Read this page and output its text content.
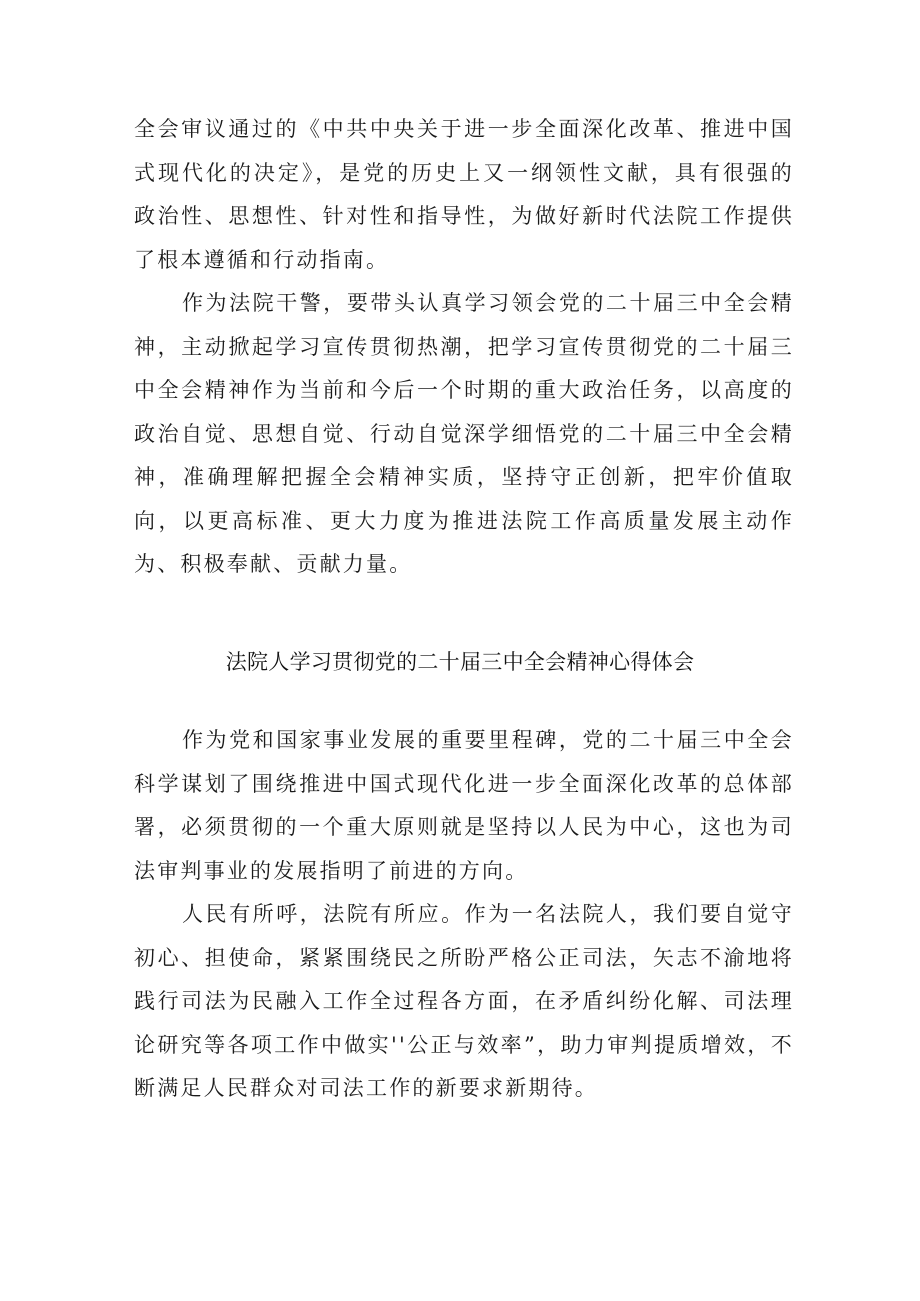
全会审议通过的《中共中央关于进一步全面深化改革、推进中国式现代化的决定》，是党的历史上又一纲领性文献，具有很强的政治性、思想性、针对性和指导性，为做好新时代法院工作提供了根本遵循和行动指南。

作为法院干警，要带头认真学习领会党的二十届三中全会精神，主动掀起学习宣传贯彻热潮，把学习宣传贯彻党的二十届三中全会精神作为当前和今后一个时期的重大政治任务，以高度的政治自觉、思想自觉、行动自觉深学细悟党的二十届三中全会精神，准确理解把握全会精神实质，坚持守正创新，把牢价值取向，以更高标准、更大力度为推进法院工作高质量发展主动作为、积极奉献、贡献力量。

法院人学习贯彻党的二十届三中全会精神心得体会

作为党和国家事业发展的重要里程碑，党的二十届三中全会科学谋划了围绕推进中国式现代化进一步全面深化改革的总体部署，必须贯彻的一个重大原则就是坚持以人民为中心，这也为司法审判事业的发展指明了前进的方向。

人民有所呼，法院有所应。作为一名法院人，我们要自觉守初心、担使命，紧紧围绕民之所盼严格公正司法，矢志不渝地将践行司法为民融入工作全过程各方面，在矛盾纠纷化解、司法理论研究等各项工作中做实''公正与效率”，助力审判提质增效，不断满足人民群众对司法工作的新要求新期待。
